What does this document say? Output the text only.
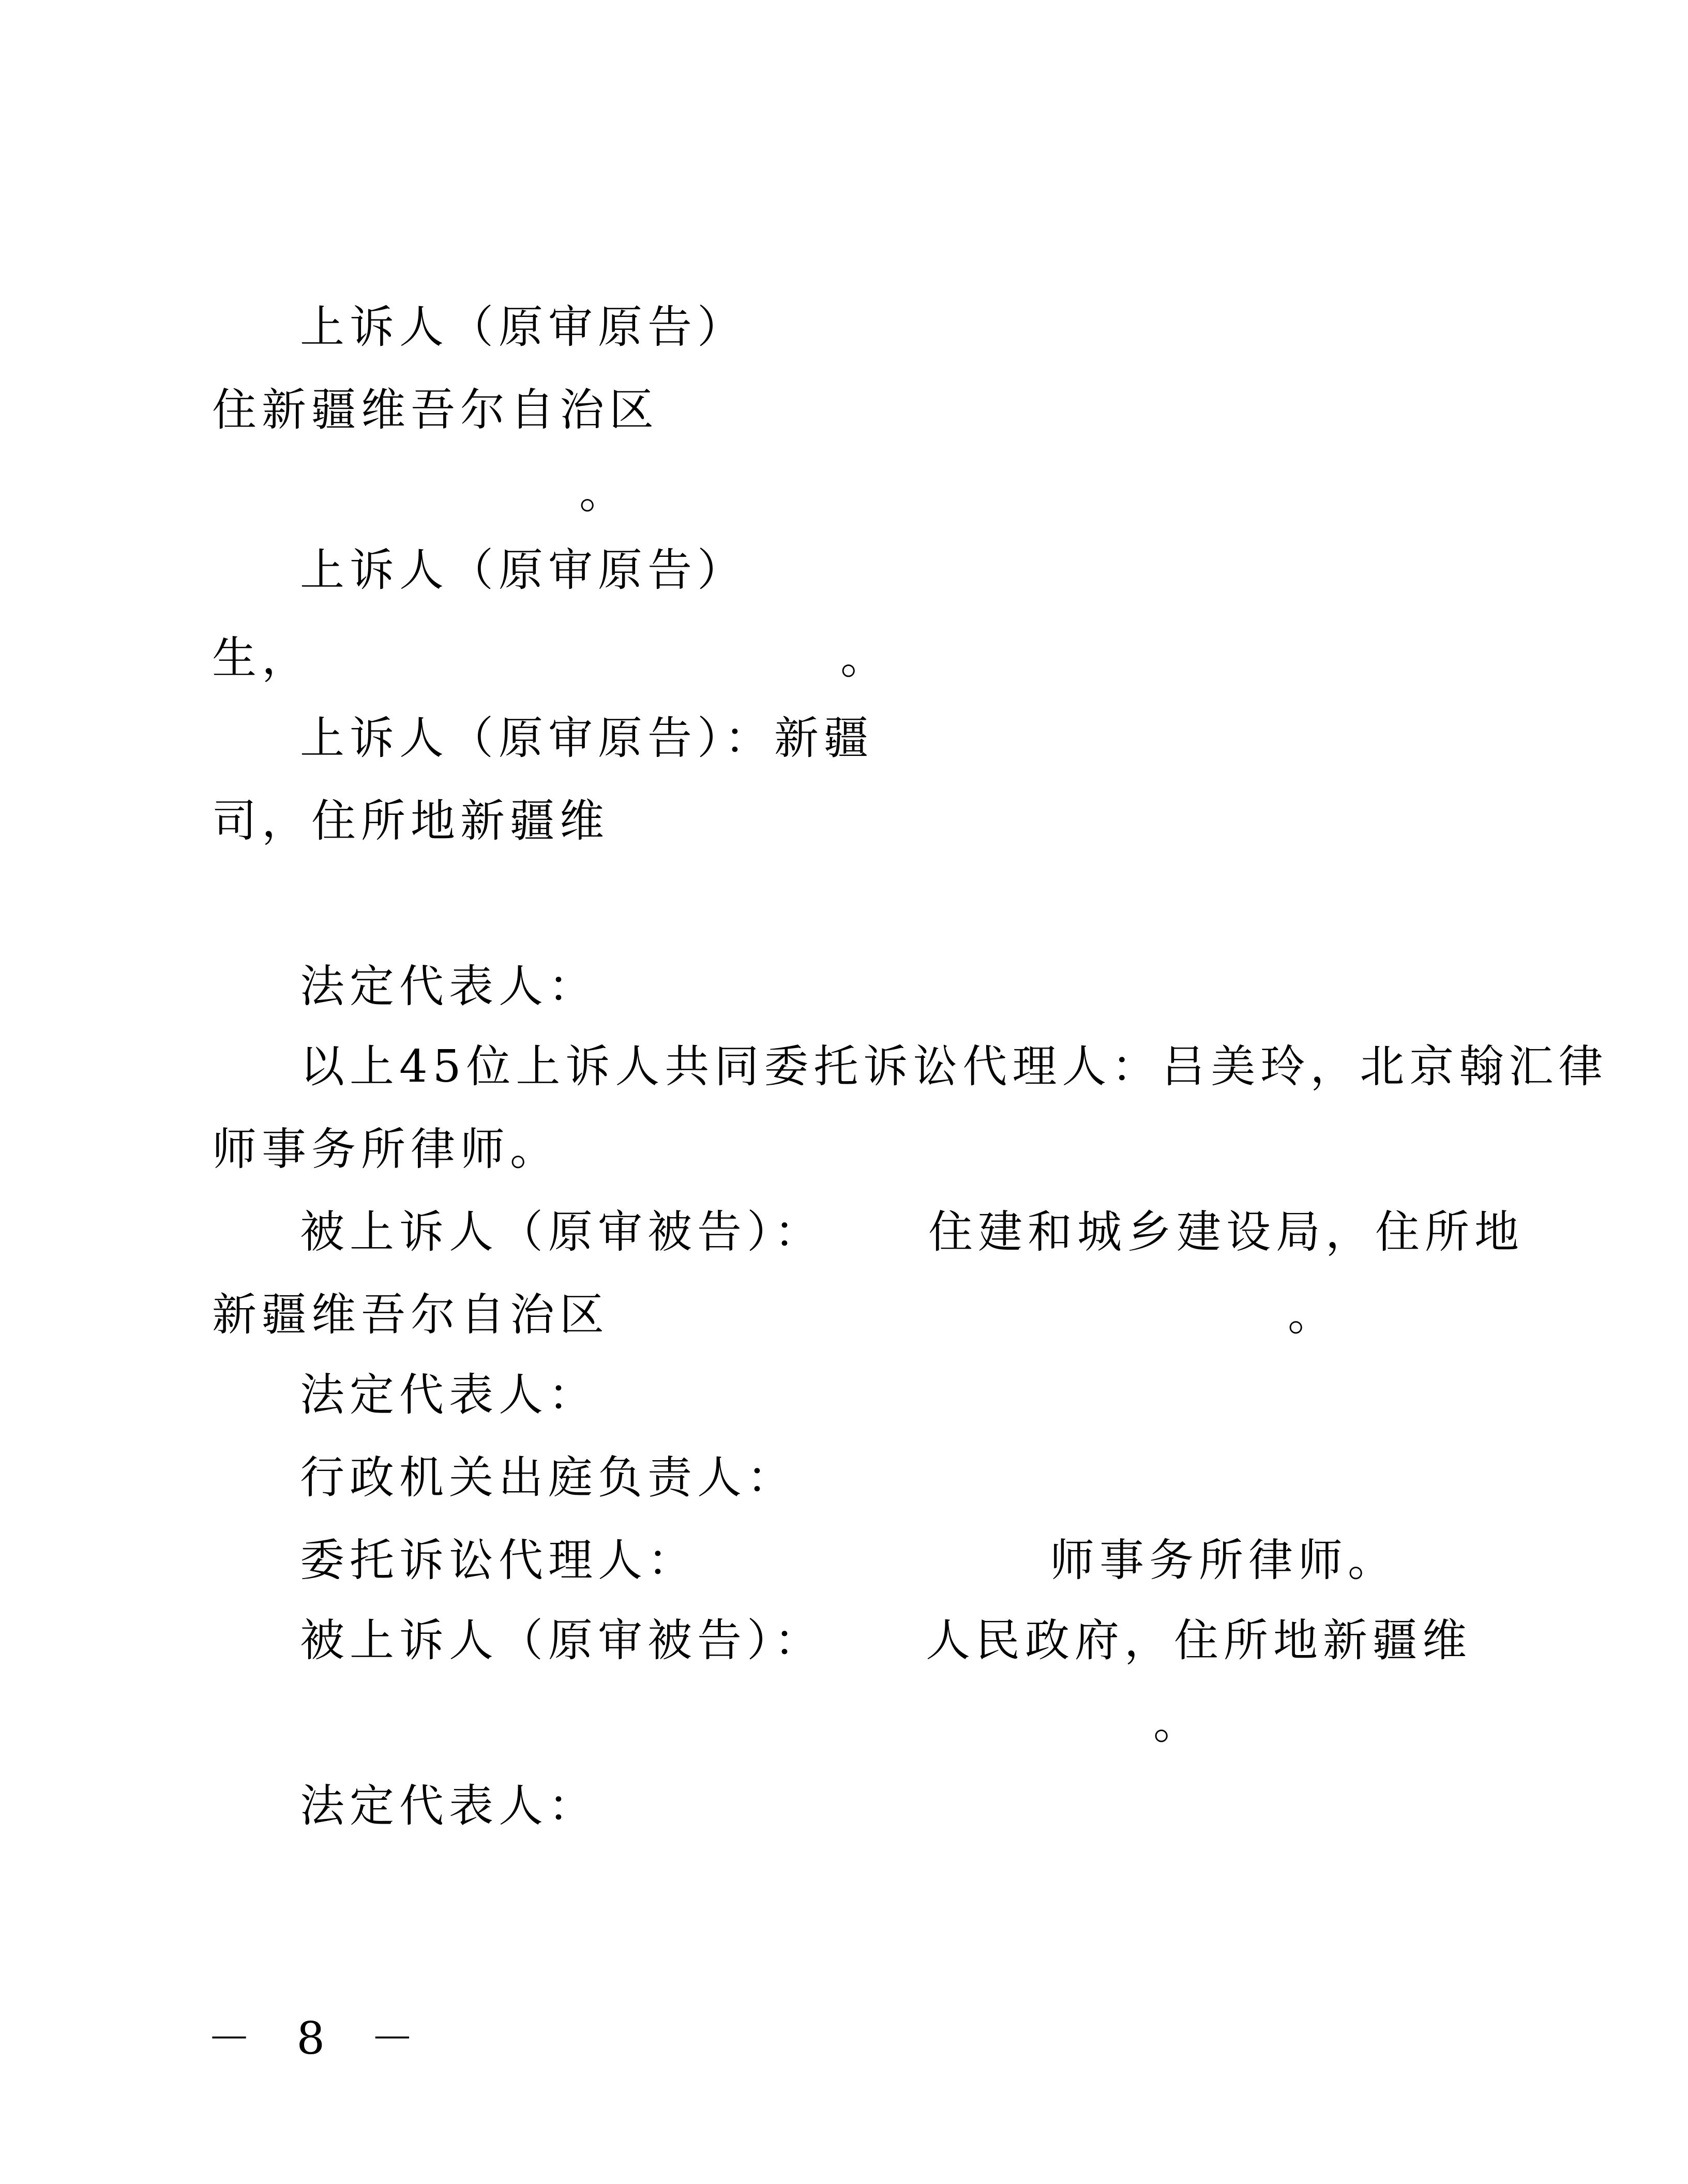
上诉人（原审原告）
住新疆维吾尔自治区
。
上诉人（原审原告）
生，	。
上诉人（原审原告）：新疆
司，住所地新疆维
法定代表人：
以上45位上诉人共同委托诉讼代理人：吕美玲，北京翰汇律
师事务所律师。
被上诉人（原审被告）： 住建和城乡建设局，住所地
新疆维吾尔自治区	。
法定代表人：
行政机关出庭负责人：
委托诉讼代理人：	师事务所律师。
被上诉人（原审被告）： 人民政府，住所地新疆维
。
法定代表人：
－ 8 －
